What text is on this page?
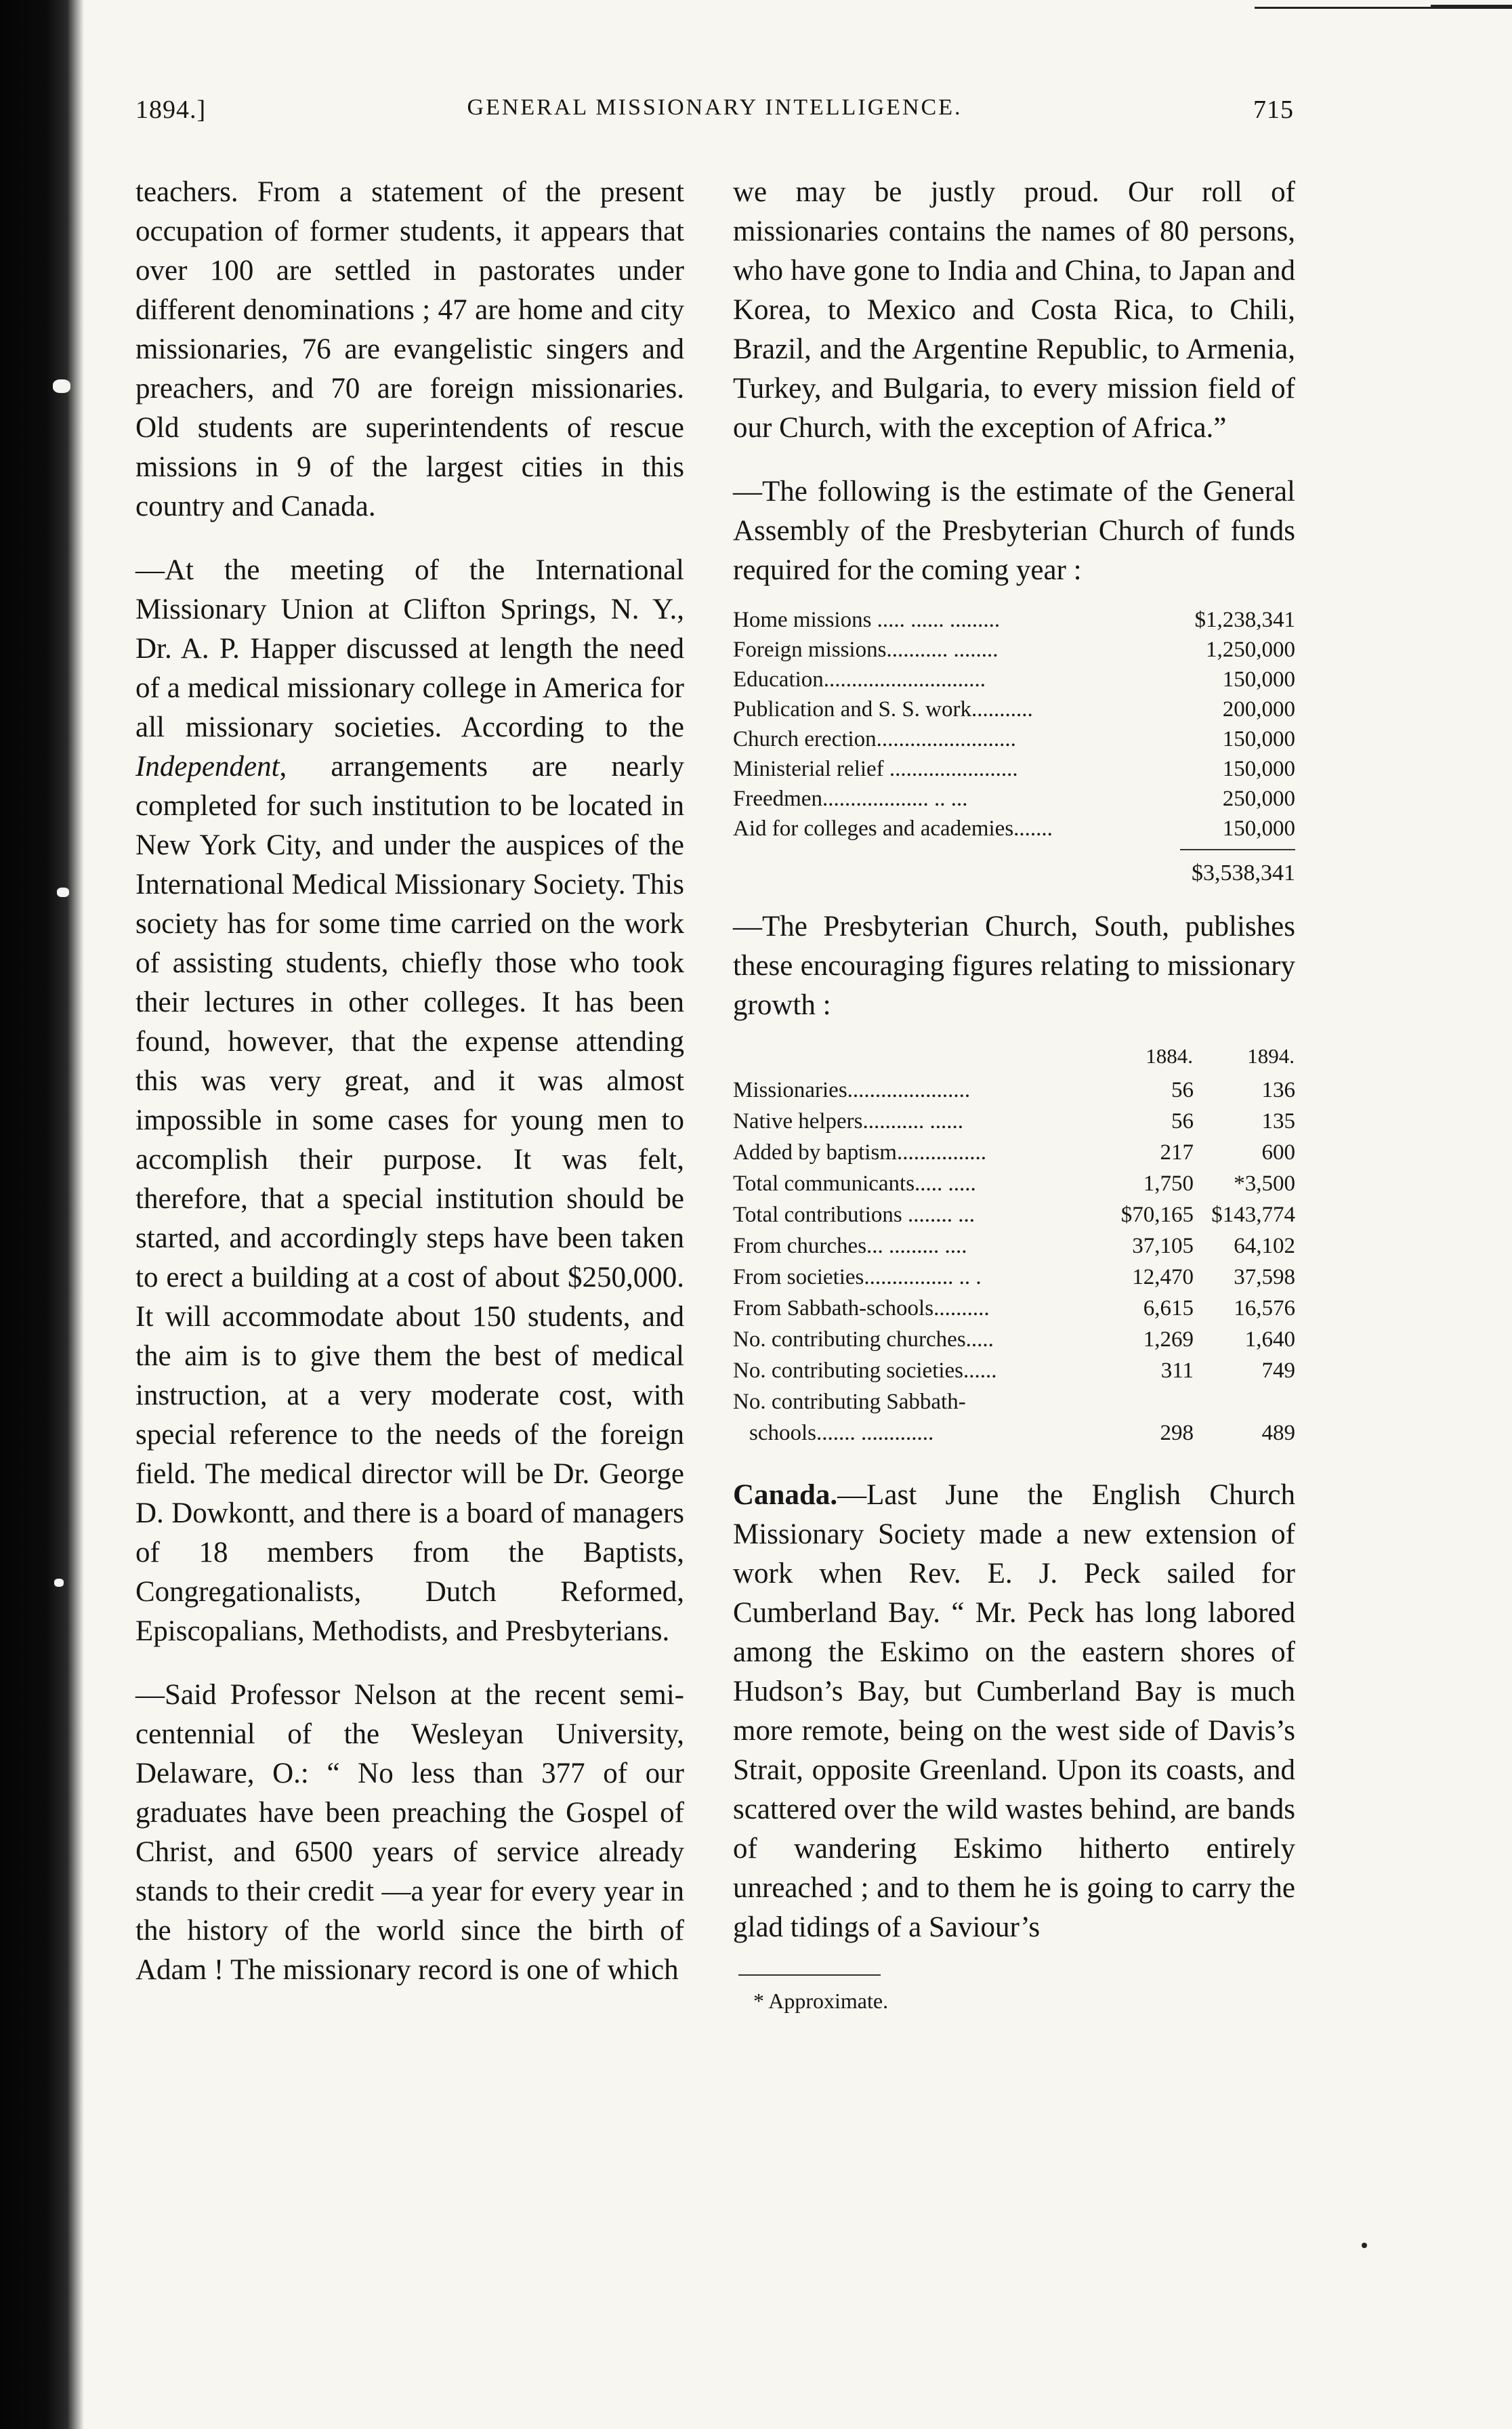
1894.]	GENERAL MISSIONARY INTELLIGENCE.	715

teachers. From a statement of the present occupation of former students, it appears that over 100 are settled in pastorates under different denominations ; 47 are home and city missionaries, 76 are evangelistic singers and preachers, and 70 are foreign missionaries. Old students are superintendents of rescue missions in 9 of the largest cities in this country and Canada.

—At the meeting of the International Missionary Union at Clifton Springs, N. Y., Dr. A. P. Happer discussed at length the need of a medical missionary college in America for all missionary societies. According to the Independent, arrangements are nearly completed for such institution to be located in New York City, and under the auspices of the International Medical Missionary Society. This society has for some time carried on the work of assisting students, chiefly those who took their lectures in other colleges. It has been found, however, that the expense attending this was very great, and it was almost impossible in some cases for young men to accomplish their purpose. It was felt, therefore, that a special institution should be started, and accordingly steps have been taken to erect a building at a cost of about $250,000. It will accommodate about 150 students, and the aim is to give them the best of medical instruction, at a very moderate cost, with special reference to the needs of the foreign field. The medical director will be Dr. George D. Dowkontt, and there is a board of managers of 18 members from the Baptists, Congregationalists, Dutch Reformed, Episcopalians, Methodists, and Presbyterians.

—Said Professor Nelson at the recent semi-centennial of the Wesleyan University, Delaware, O.: “ No less than 377 of our graduates have been preaching the Gospel of Christ, and 6500 years of service already stands to their credit —a year for every year in the history of the world since the birth of Adam ! The missionary record is one of which

we may be justly proud. Our roll of missionaries contains the names of 80 persons, who have gone to India and China, to Japan and Korea, to Mexico and Costa Rica, to Chili, Brazil, and the Argentine Republic, to Armenia, Turkey, and Bulgaria, to every mission field of our Church, with the exception of Africa.”

—The following is the estimate of the General Assembly of the Presbyterian Church of funds required for the coming year :

Home missions ..... ...... .........	$1,238,341
Foreign missions........... ........	1,250,000
Education.............................	150,000
Publication and S. S. work...........	200,000
Church erection.........................	150,000
Ministerial relief .......................	150,000
Freedmen................... .. ...	250,000
Aid for colleges and academies.......	150,000
$3,538,341

—The Presbyterian Church, South, publishes these encouraging figures relating to missionary growth :

	1884.	1894.
Missionaries......................	56	136
Native helpers........... ......	56	135
Added by baptism................	217	600
Total communicants..... .....	1,750	*3,500
Total contributions ........ ...	$70,165	$143,774
From churches... ......... ....	37,105	64,102
From societies................ .. .	12,470	37,598
From Sabbath-schools..........	6,615	16,576
No. contributing churches.....	1,269	1,640
No. contributing societies......	311	749
No. contributing Sabbath-		
schools....... .............	298	489

Canada.—Last June the English Church Missionary Society made a new extension of work when Rev. E. J. Peck sailed for Cumberland Bay. “ Mr. Peck has long labored among the Eskimo on the eastern shores of Hudson’s Bay, but Cumberland Bay is much more remote, being on the west side of Davis’s Strait, opposite Greenland. Upon its coasts, and scattered over the wild wastes behind, are bands of wandering Eskimo hitherto entirely unreached ; and to them he is going to carry the glad tidings of a Saviour’s

* Approximate.
